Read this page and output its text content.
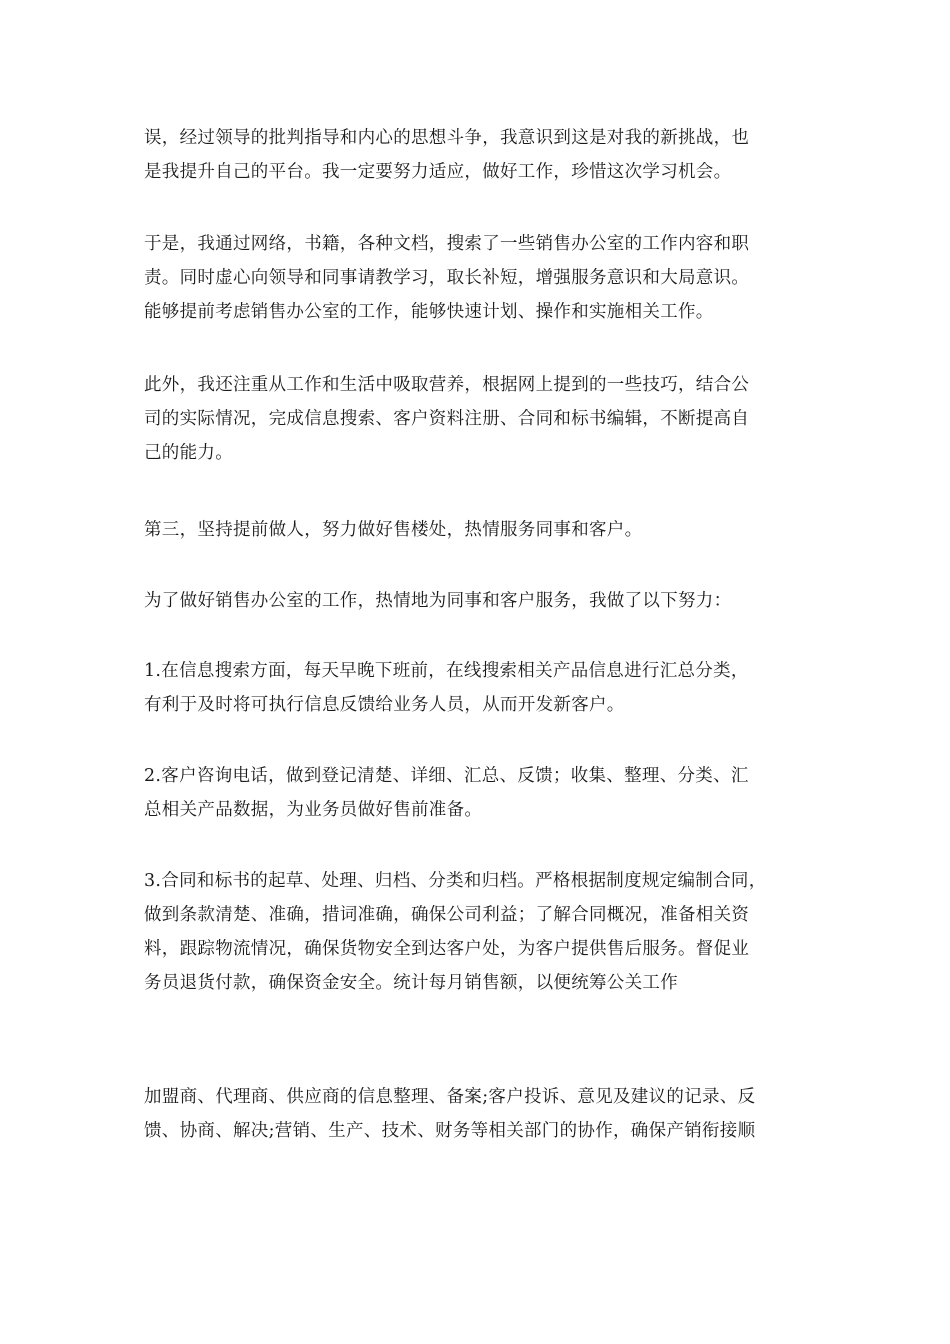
误，经过领导的批判指导和内心的思想斗争，我意识到这是对我的新挑战，也
是我提升自己的平台。我一定要努力适应，做好工作，珍惜这次学习机会。

于是，我通过网络，书籍，各种文档，搜索了一些销售办公室的工作内容和职
责。同时虚心向领导和同事请教学习，取长补短，增强服务意识和大局意识。
能够提前考虑销售办公室的工作，能够快速计划、操作和实施相关工作。

此外，我还注重从工作和生活中吸取营养，根据网上提到的一些技巧，结合公
司的实际情况，完成信息搜索、客户资料注册、合同和标书编辑，不断提高自
己的能力。

第三，坚持提前做人，努力做好售楼处，热情服务同事和客户。

为了做好销售办公室的工作，热情地为同事和客户服务，我做了以下努力：

1.在信息搜索方面，每天早晚下班前，在线搜索相关产品信息进行汇总分类，
有利于及时将可执行信息反馈给业务人员，从而开发新客户。

2.客户咨询电话，做到登记清楚、详细、汇总、反馈；收集、整理、分类、汇
总相关产品数据，为业务员做好售前准备。

3.合同和标书的起草、处理、归档、分类和归档。严格根据制度规定编制合同，
做到条款清楚、准确，措词准确，确保公司利益；了解合同概况，准备相关资
料，跟踪物流情况，确保货物安全到达客户处，为客户提供售后服务。督促业
务员退货付款，确保资金安全。统计每月销售额，以便统筹公关工作

加盟商、代理商、供应商的信息整理、备案;客户投诉、意见及建议的记录、反
馈、协商、解决;营销、生产、技术、财务等相关部门的协作，确保产销衔接顺
